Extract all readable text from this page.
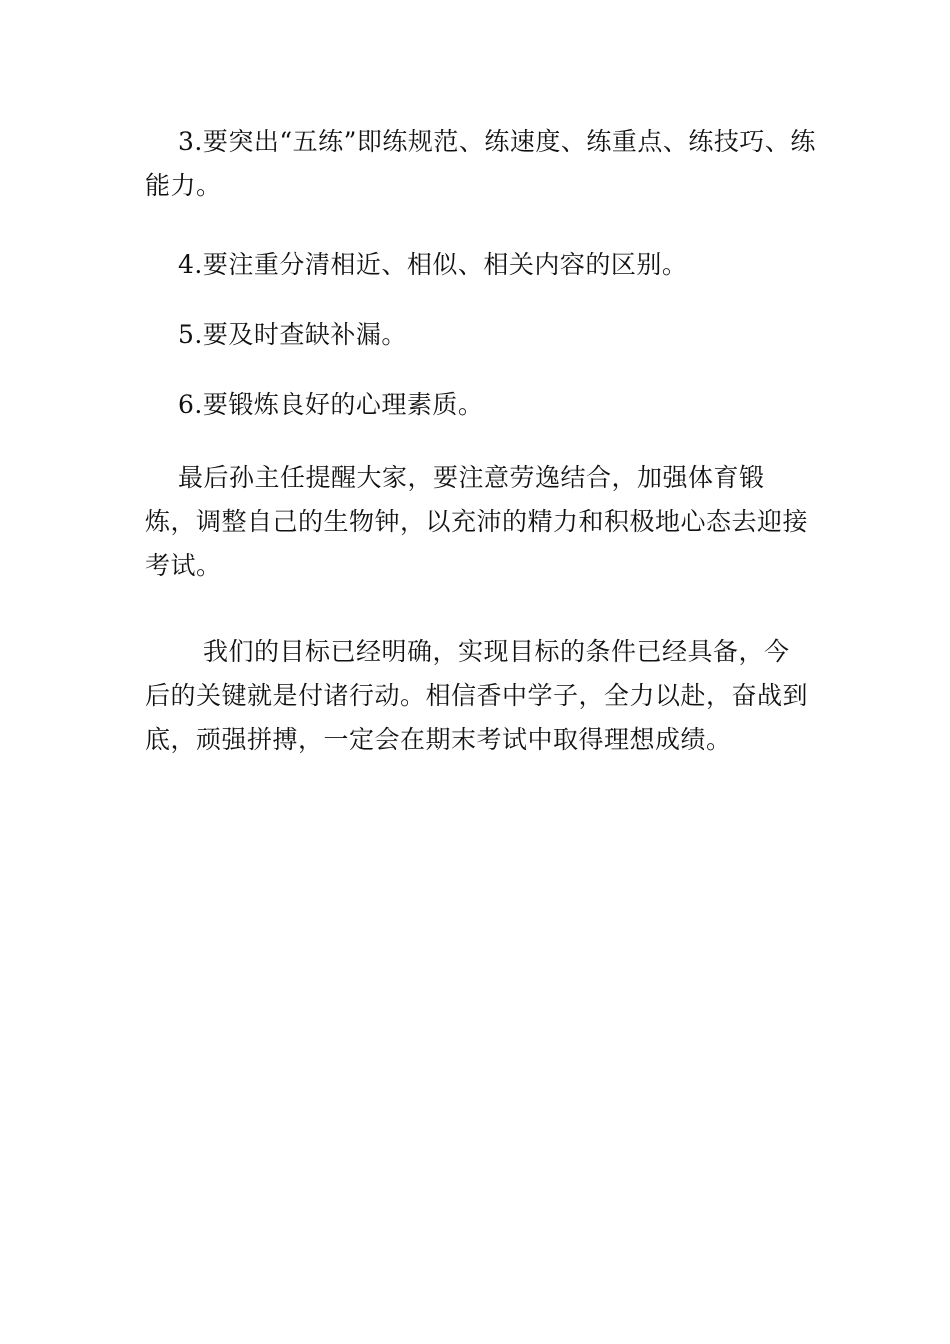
3.要突出“五练”即练规范、练速度、练重点、练技巧、练能力。

4.要注重分清相近、相似、相关内容的区别。

5.要及时查缺补漏。

6.要锻炼良好的心理素质。

最后孙主任提醒大家，要注意劳逸结合，加强体育锻炼，调整自己的生物钟，以充沛的精力和积极地心态去迎接考试。

我们的目标已经明确，实现目标的条件已经具备，今后的关键就是付诸行动。相信香中学子，全力以赴，奋战到底，顽强拼搏，一定会在期末考试中取得理想成绩。
